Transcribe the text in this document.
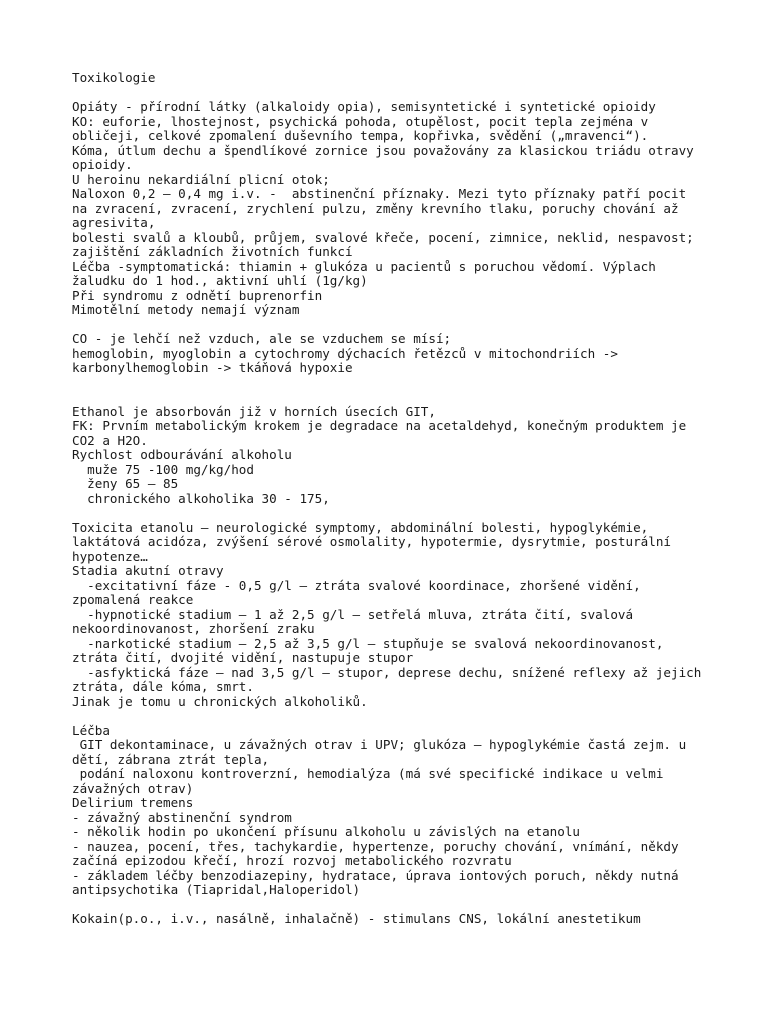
Toxikologie
Opiáty - přírodní látky (alkaloidy opia), semisyntetické i syntetické opioidy
KO: euforie, lhostejnost, psychická pohoda, otupělost, pocit tepla zejména v
obličeji, celkové zpomalení duševního tempa, kopřivka, svědění („mravenci“).
Kóma, útlum dechu a špendlíkové zornice jsou považovány za klasickou triádu otravy
opioidy.
U heroinu nekardiální plicní otok;
Naloxon 0,2 – 0,4 mg i.v. -  abstinenční příznaky. Mezi tyto příznaky patří pocit
na zvracení, zvracení, zrychlení pulzu, změny krevního tlaku, poruchy chování až
agresivita,
bolesti svalů a kloubů, průjem, svalové křeče, pocení, zimnice, neklid, nespavost;
zajištění základních životních funkcí
Léčba -symptomatická: thiamin + glukóza u pacientů s poruchou vědomí. Výplach
žaludku do 1 hod., aktivní uhlí (1g/kg)
Při syndromu z odnětí buprenorfin
Mimotělní metody nemají význam
CO - je lehčí než vzduch, ale se vzduchem se mísí;
hemoglobin, myoglobin a cytochromy dýchacích řetězců v mitochondriích ->
karbonylhemoglobin -> tkáňová hypoxie
Ethanol je absorbován již v horních úsecích GIT,
FK: Prvním metabolickým krokem je degradace na acetaldehyd, konečným produktem je
CO2 a H2O.
Rychlost odbourávání alkoholu
muže 75 -100 mg/kg/hod
ženy 65 – 85
chronického alkoholika 30 - 175,
Toxicita etanolu – neurologické symptomy, abdominální bolesti, hypoglykémie,
laktátová acidóza, zvýšení sérové osmolality, hypotermie, dysrytmie, posturální
hypotenze…
Stadia akutní otravy
-excitativní fáze - 0,5 g/l – ztráta svalové koordinace, zhoršené vidění,
zpomalená reakce
-hypnotické stadium – 1 až 2,5 g/l – setřelá mluva, ztráta čití, svalová
nekoordinovanost, zhoršení zraku
-narkotické stadium – 2,5 až 3,5 g/l – stupňuje se svalová nekoordinovanost,
ztráta čití, dvojité vidění, nastupuje stupor
-asfyktická fáze – nad 3,5 g/l – stupor, deprese dechu, snížené reflexy až jejich
ztráta, dále kóma, smrt.
Jinak je tomu u chronických alkoholiků.
Léčba
GIT dekontaminace, u závažných otrav i UPV; glukóza – hypoglykémie častá zejm. u
dětí, zábrana ztrát tepla,
podání naloxonu kontroverzní, hemodialýza (má své specifické indikace u velmi
závažných otrav)
Delirium tremens
- závažný abstinenční syndrom
- několik hodin po ukončení přísunu alkoholu u závislých na etanolu
- nauzea, pocení, třes, tachykardie, hypertenze, poruchy chování, vnímání, někdy
začíná epizodou křečí, hrozí rozvoj metabolického rozvratu
- základem léčby benzodiazepiny, hydratace, úprava iontových poruch, někdy nutná
antipsychotika (Tiapridal,Haloperidol)
Kokain(p.o., i.v., nasálně, inhalačně) - stimulans CNS, lokální anestetikum
